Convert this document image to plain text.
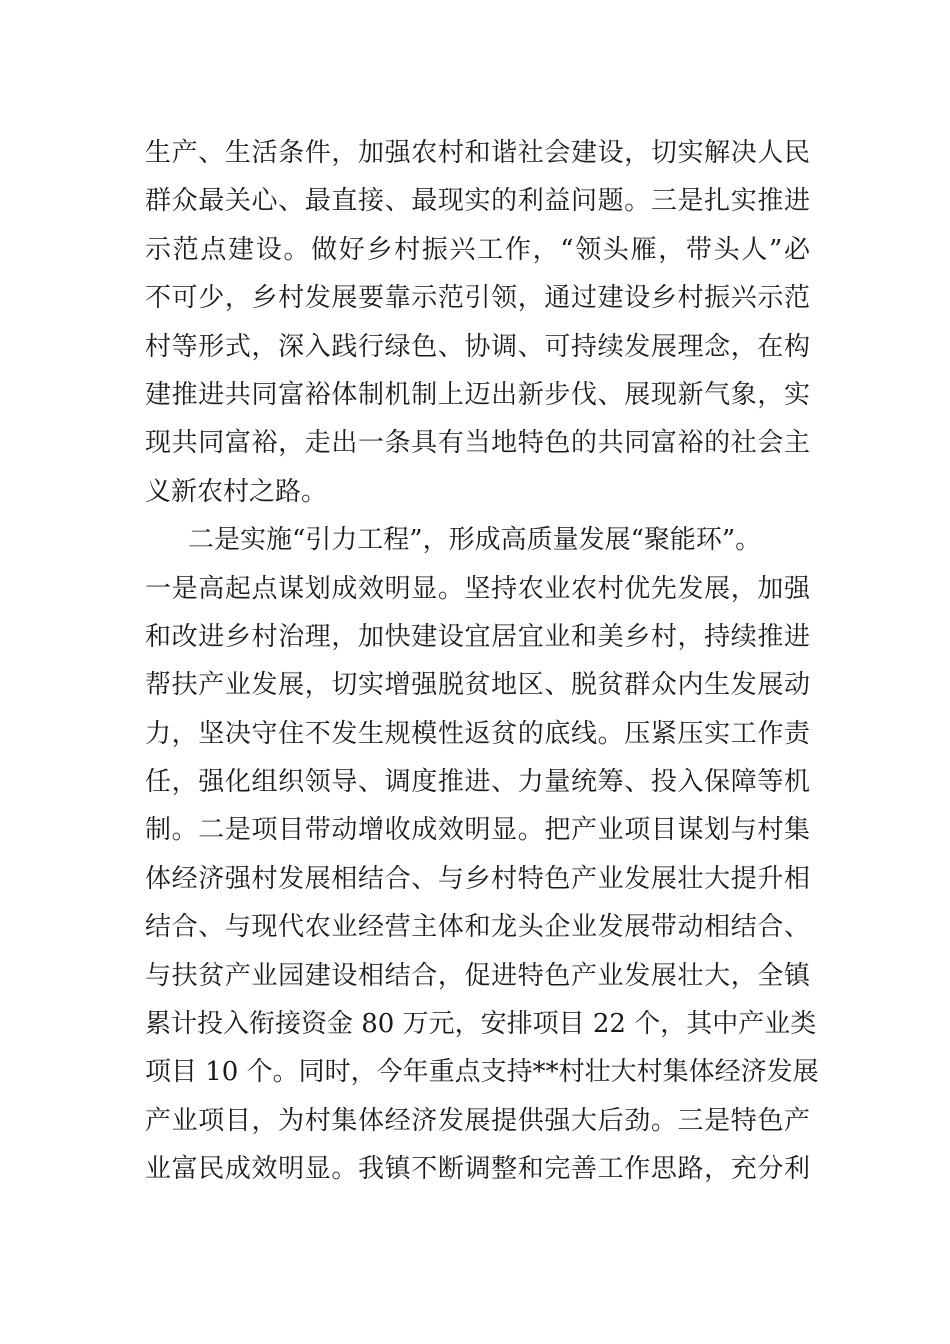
生产、生活条件，加强农村和谐社会建设，切实解决人民
群众最关心、最直接、最现实的利益问题。三是扎实推进
示范点建设。做好乡村振兴工作，“领头雁，带头人”必
不可少，乡村发展要靠示范引领，通过建设乡村振兴示范
村等形式，深入践行绿色、协调、可持续发展理念，在构
建推进共同富裕体制机制上迈出新步伐、展现新气象，实
现共同富裕，走出一条具有当地特色的共同富裕的社会主
义新农村之路。
二是实施“引力工程”，形成高质量发展“聚能环”。
一是高起点谋划成效明显。坚持农业农村优先发展，加强
和改进乡村治理，加快建设宜居宜业和美乡村，持续推进
帮扶产业发展，切实增强脱贫地区、脱贫群众内生发展动
力，坚决守住不发生规模性返贫的底线。压紧压实工作责
任，强化组织领导、调度推进、力量统筹、投入保障等机
制。二是项目带动增收成效明显。把产业项目谋划与村集
体经济强村发展相结合、与乡村特色产业发展壮大提升相
结合、与现代农业经营主体和龙头企业发展带动相结合、
与扶贫产业园建设相结合，促进特色产业发展壮大，全镇
累计投入衔接资金 80 万元，安排项目 22 个，其中产业类
项目 10 个。同时，今年重点支持**村壮大村集体经济发展
产业项目，为村集体经济发展提供强大后劲。三是特色产
业富民成效明显。我镇不断调整和完善工作思路，充分利
